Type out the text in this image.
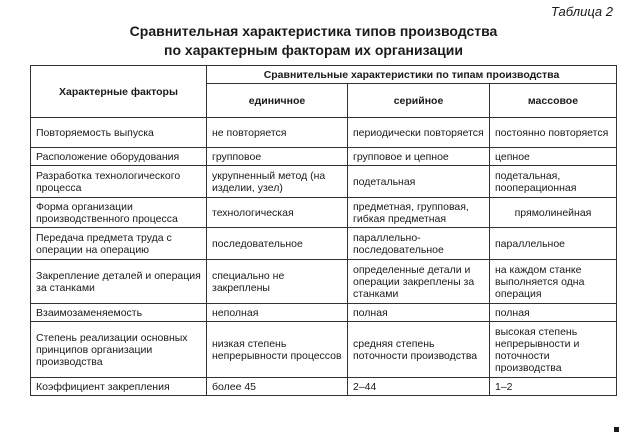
Таблица 2
Сравнительная характеристика типов производства
по характерным факторам их организации
Характерные факторы	Сравнительные характеристики по типам производства		
	единичное	серийное	массовое
Повторяемость выпуска	не повторяется	периодически повторяется	постоянно повторяется
Расположение оборудования	групповое	групповое и цепное	цепное
Разработка технологического процесса	укрупненный метод (на изделии, узел)	подетальная	подетальная, пооперационная
Форма организации производственного процесса	технологическая	предметная, групповая, гибкая предметная	прямолинейная
Передача предмета труда с операции на операцию	последовательное	параллельно-последовательное	параллельное
Закрепление деталей и операция за станками	специально не закреплены	определенные детали и операции закреплены за станками	на каждом станке выполняется одна операция
Взаимозаменяемость	неполная	полная	полная
Степень реализации основных принципов организации производства	низкая степень непрерывности процессов	средняя степень поточности производства	высокая степень непрерывности и поточности производства
Коэффициент закрепления	более 45	2–44	1–2
